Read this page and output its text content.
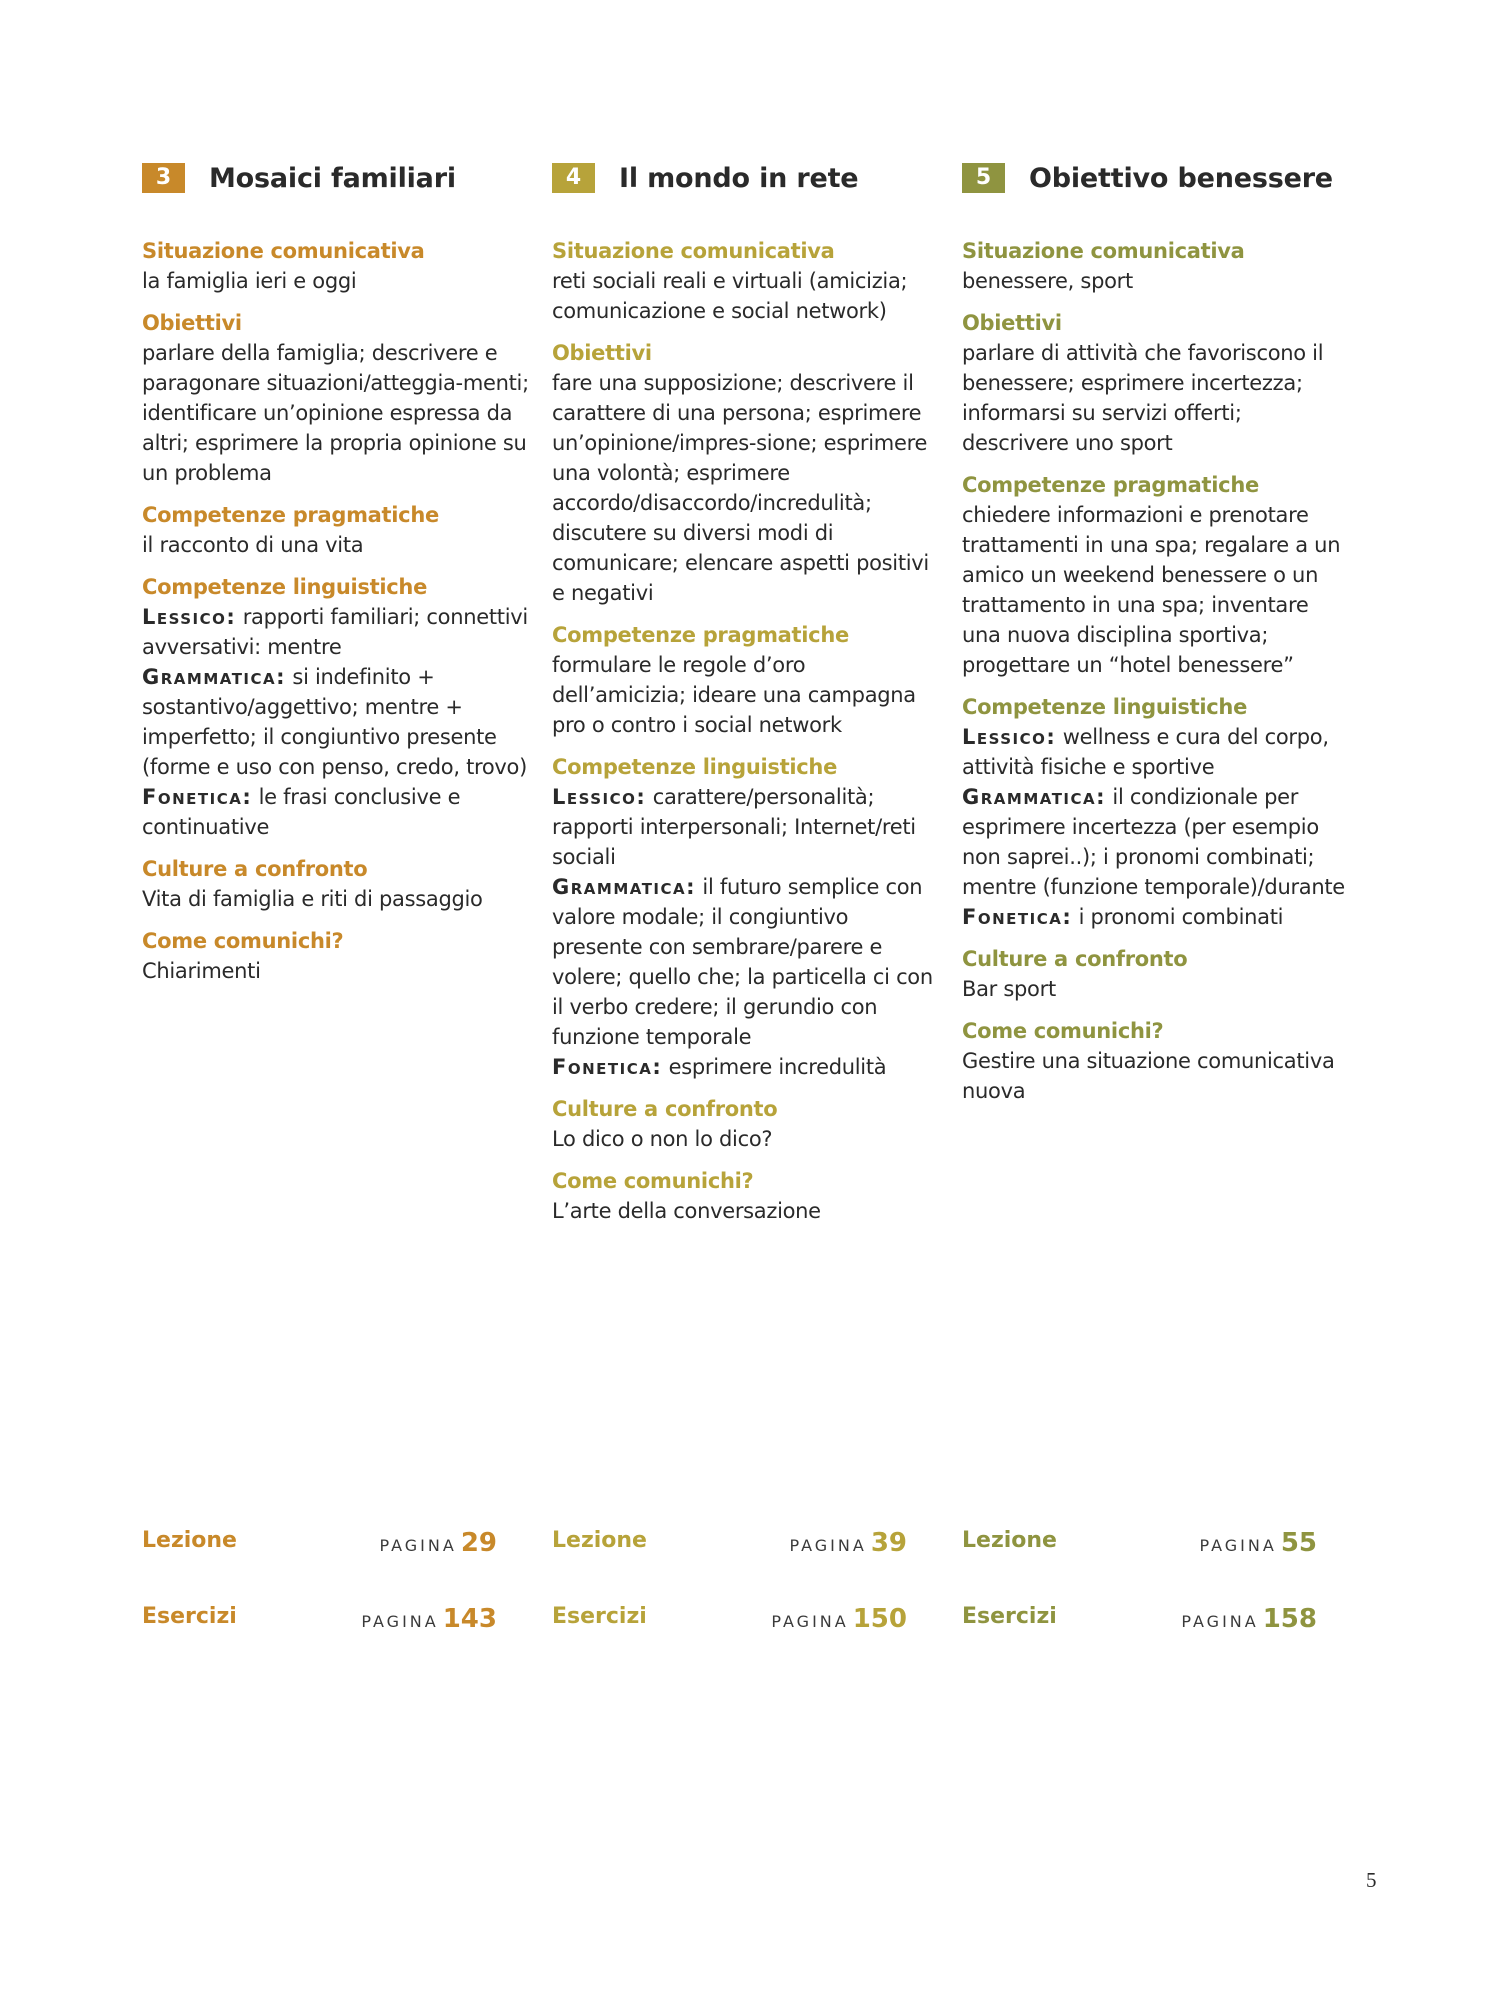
3	Mosaici familiari
Situazione comunicativa
la famiglia ieri e oggi
Obiettivi
parlare della famiglia; descrivere e paragonare situazioni/atteggia-menti; identificare un’opinione espressa da altri; esprimere la propria opinione su un problema
Competenze pragmatiche
il racconto di una vita
Competenze linguistiche
Lessico: rapporti familiari; connettivi avversativi: mentre
Grammatica: si indefinito + sostantivo/aggettivo; mentre + imperfetto; il congiuntivo presente (forme e uso con penso, credo, trovo)
Fonetica: le frasi conclusive e continuative
Culture a confronto
Vita di famiglia e riti di passaggio
Come comunichi?
Chiarimenti
4	Il mondo in rete
Situazione comunicativa
reti sociali reali e virtuali (amicizia; comunicazione e social network)
Obiettivi
fare una supposizione; descrivere il carattere di una persona; esprimere un’opinione/impres-sione; esprimere una volontà; esprimere accordo/disaccordo/incredulità; discutere su diversi modi di comunicare; elencare aspetti positivi e negativi
Competenze pragmatiche
formulare le regole d’oro dell’amicizia; ideare una campagna pro o contro i social network
Competenze linguistiche
Lessico: carattere/personalità; rapporti interpersonali; Internet/reti sociali
Grammatica: il futuro semplice con valore modale; il congiuntivo presente con sembrare/parere e volere; quello che; la particella ci con il verbo credere; il gerundio con funzione temporale
Fonetica: esprimere incredulità
Culture a confronto
Lo dico o non lo dico?
Come comunichi?
L’arte della conversazione
5	Obiettivo benessere
Situazione comunicativa
benessere, sport
Obiettivi
parlare di attività che favoriscono il benessere; esprimere incertezza; informarsi su servizi offerti; descrivere uno sport
Competenze pragmatiche
chiedere informazioni e prenotare trattamenti in una spa; regalare a un amico un weekend benessere o un trattamento in una spa; inventare una nuova disciplina sportiva; progettare un “hotel benessere”
Competenze linguistiche
Lessico: wellness e cura del corpo, attività fisiche e sportive
Grammatica: il condizionale per esprimere incertezza (per esempio non saprei..); i pronomi combinati; mentre (funzione temporale)/durante
Fonetica: i pronomi combinati
Culture a confronto
Bar sport
Come comunichi?
Gestire una situazione comunicativa nuova
Lezione	PAGINA 29
Esercizi	PAGINA 143
Lezione	PAGINA 39
Esercizi	PAGINA 150
Lezione	PAGINA 55
Esercizi	PAGINA 158
5
